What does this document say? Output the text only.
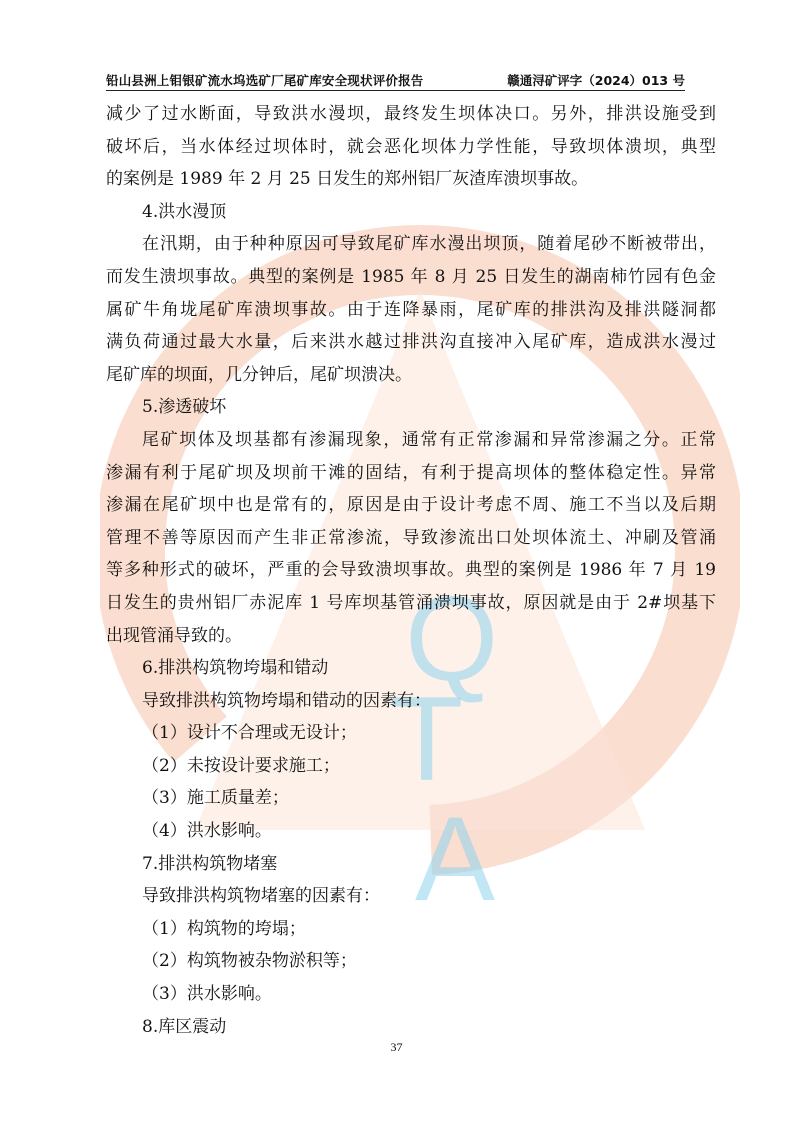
Q
T
A
铅山县洲上钼银矿流水坞选矿厂尾矿库安全现状评价报告	赣通浔矿评字（2024）013 号
减少了过水断面，导致洪水漫坝，最终发生坝体决口。另外，排洪设施受到
破坏后，当水体经过坝体时，就会恶化坝体力学性能，导致坝体溃坝，典型
的案例是 1989 年 2 月 25 日发生的郑州铝厂灰渣库溃坝事故。
4.洪水漫顶
在汛期，由于种种原因可导致尾矿库水漫出坝顶，随着尾砂不断被带出，
而发生溃坝事故。典型的案例是 1985 年 8 月 25 日发生的湖南柿竹园有色金
属矿牛角垅尾矿库溃坝事故。由于连降暴雨，尾矿库的排洪沟及排洪隧洞都
满负荷通过最大水量，后来洪水越过排洪沟直接冲入尾矿库，造成洪水漫过
尾矿库的坝面，几分钟后，尾矿坝溃决。
5.渗透破坏
尾矿坝体及坝基都有渗漏现象，通常有正常渗漏和异常渗漏之分。正常
渗漏有利于尾矿坝及坝前干滩的固结，有利于提高坝体的整体稳定性。异常
渗漏在尾矿坝中也是常有的，原因是由于设计考虑不周、施工不当以及后期
管理不善等原因而产生非正常渗流，导致渗流出口处坝体流土、冲刷及管涌
等多种形式的破坏，严重的会导致溃坝事故。典型的案例是 1986 年 7 月 19
日发生的贵州铝厂赤泥库 1 号库坝基管涌溃坝事故，原因就是由于 2#坝基下
出现管涌导致的。
6.排洪构筑物垮塌和错动
导致排洪构筑物垮塌和错动的因素有：
（1）设计不合理或无设计；
（2）未按设计要求施工；
（3）施工质量差；
（4）洪水影响。
7.排洪构筑物堵塞
导致排洪构筑物堵塞的因素有：
（1）构筑物的垮塌；
（2）构筑物被杂物淤积等；
（3）洪水影响。
8.库区震动
37
